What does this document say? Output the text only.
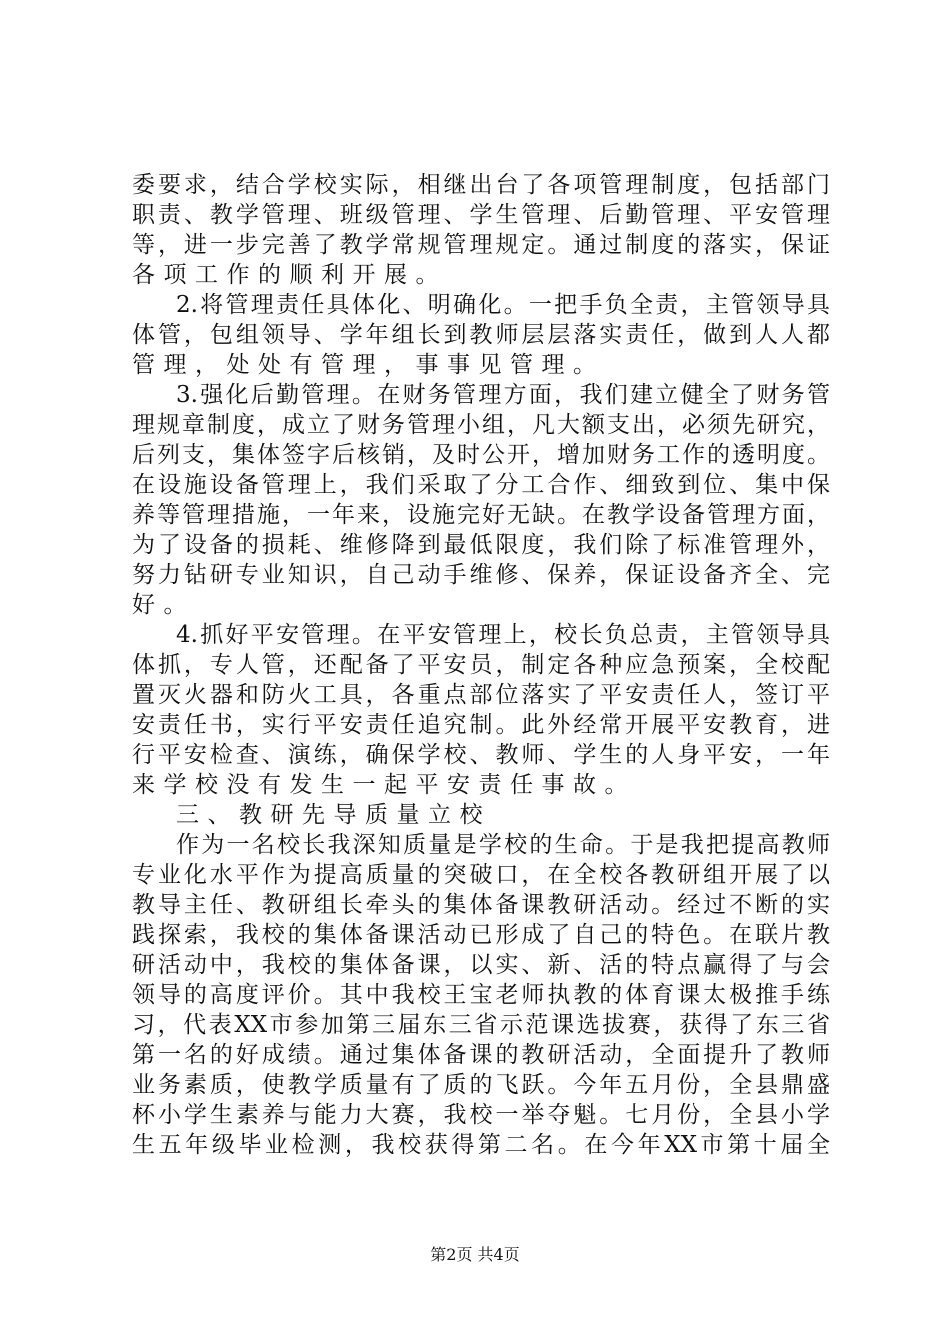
委要求，结合学校实际，相继出台了各项管理制度，包括部门
职责、教学管理、班级管理、学生管理、后勤管理、平安管理
等，进一步完善了教学常规管理规定。通过制度的落实，保证
各项工作的顺利开展。
2.将管理责任具体化、明确化。一把手负全责，主管领导具
体管，包组领导、学年组长到教师层层落实责任，做到人人都
管理，处处有管理，事事见管理。
3.强化后勤管理。在财务管理方面，我们建立健全了财务管
理规章制度，成立了财务管理小组，凡大额支出，必须先研究，
后列支，集体签字后核销，及时公开，增加财务工作的透明度。
在设施设备管理上，我们采取了分工合作、细致到位、集中保
养等管理措施，一年来，设施完好无缺。在教学设备管理方面，
为了设备的损耗、维修降到最低限度，我们除了标准管理外，
努力钻研专业知识，自己动手维修、保养，保证设备齐全、完
好。
4.抓好平安管理。在平安管理上，校长负总责，主管领导具
体抓，专人管，还配备了平安员，制定各种应急预案，全校配
置灭火器和防火工具，各重点部位落实了平安责任人，签订平
安责任书，实行平安责任追究制。此外经常开展平安教育，进
行平安检查、演练，确保学校、教师、学生的人身平安，一年
来学校没有发生一起平安责任事故。
三、教研先导质量立校
作为一名校长我深知质量是学校的生命。于是我把提高教师
专业化水平作为提高质量的突破口，在全校各教研组开展了以
教导主任、教研组长牵头的集体备课教研活动。经过不断的实
践探索，我校的集体备课活动已形成了自己的特色。在联片教
研活动中，我校的集体备课，以实、新、活的特点赢得了与会
领导的高度评价。其中我校王宝老师执教的体育课太极推手练
习，代表XX市参加第三届东三省示范课选拔赛，获得了东三省
第一名的好成绩。通过集体备课的教研活动，全面提升了教师
业务素质，使教学质量有了质的飞跃。今年五月份，全县鼎盛
杯小学生素养与能力大赛，我校一举夺魁。七月份，全县小学
生五年级毕业检测，我校获得第二名。在今年XX市第十届全
第2页 共4页
